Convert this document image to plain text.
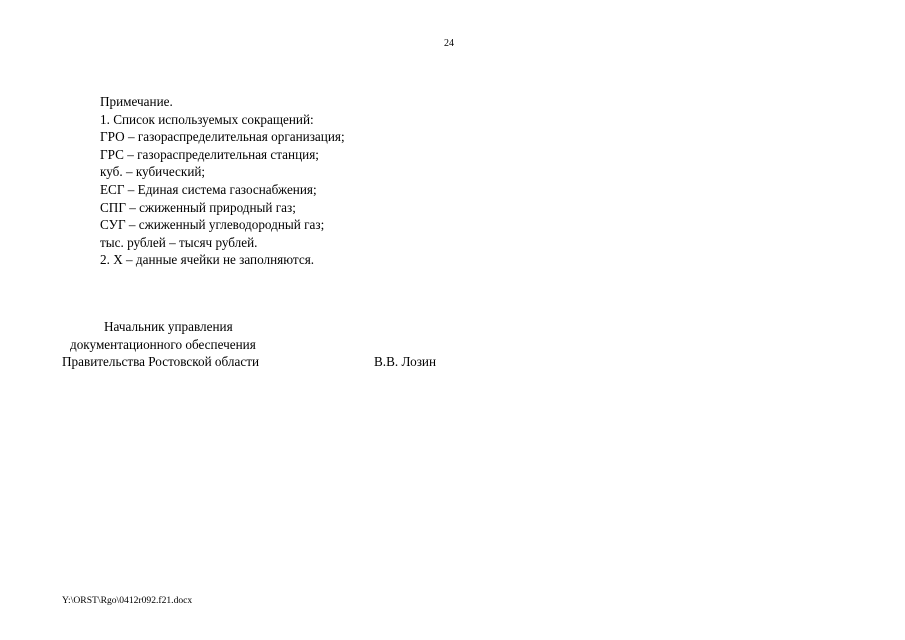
24
Примечание.
1. Список используемых сокращений:
ГРО – газораспределительная организация;
ГРС – газораспределительная станция;
куб. – кубический;
ЕСГ – Единая система газоснабжения;
СПГ – сжиженный природный газ;
СУГ – сжиженный углеводородный газ;
тыс. рублей – тысяч рублей.
2. Х – данные ячейки не заполняются.
Начальник управления
документационного обеспечения
Правительства Ростовской области	В.В. Лозин
Y:\ORST\Rgo\0412r092.f21.docx
